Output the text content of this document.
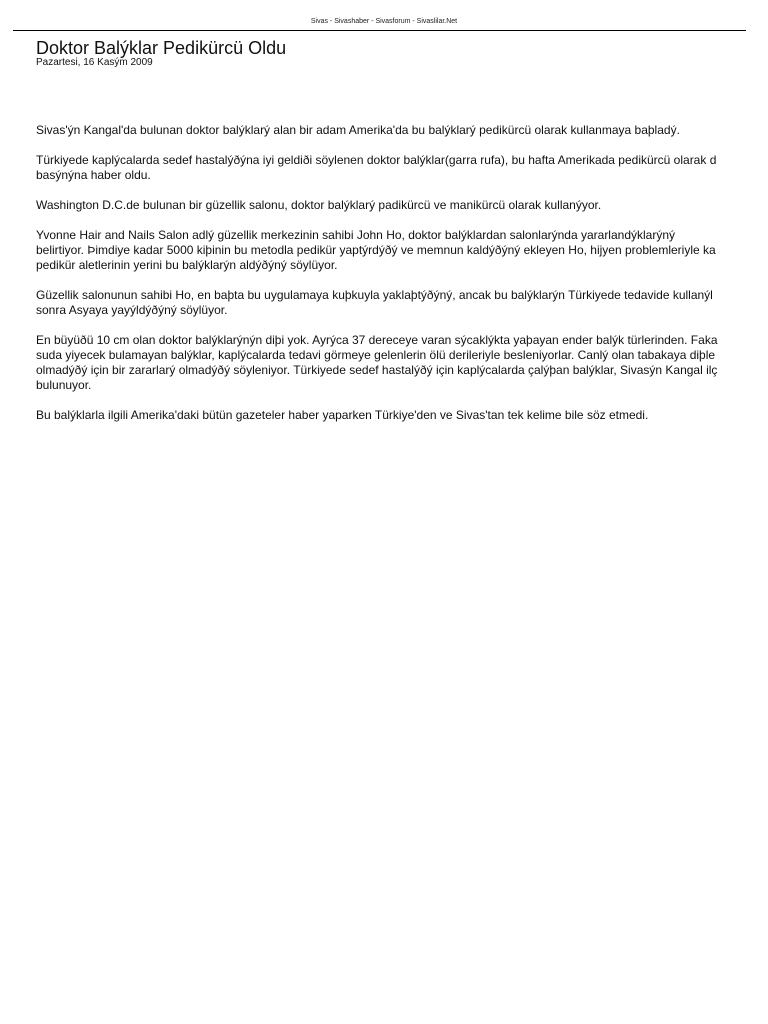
Sivas - Sivashaber - Sivasforum - Sivaslilar.Net
Doktor Balýklar Pedikürcü Oldu
Pazartesi, 16 Kasým 2009

Sivas'ýn Kangal'da bulunan doktor balýklarý alan bir adam Amerika'da bu balýklarý pedikürcü olarak kullanmaya baþladý.

Türkiyede kaplýcalarda sedef hastalýðýna iyi geldiði söylenen doktor balýklar(garra rufa), bu hafta Amerikada pedikürcü olarak d
basýnýna haber oldu.

Washington D.C.de bulunan bir güzellik salonu, doktor balýklarý padikürcü ve manikürcü olarak kullanýyor.

Yvonne Hair and Nails Salon adlý güzellik merkezinin sahibi John Ho, doktor balýklardan salonlarýnda yararlandýklarýný
belirtiyor. Þimdiye kadar 5000 kiþinin bu metodla pedikür yaptýrdýðý ve memnun kaldýðýný ekleyen Ho, hijyen problemleriyle ka
pedikür aletlerinin yerini bu balýklarýn aldýðýný söylüyor.

Güzellik salonunun sahibi Ho, en baþta bu uygulamaya kuþkuyla yaklaþtýðýný, ancak bu balýklarýn Türkiyede tedavide kullanýl
sonra Asyaya yayýldýðýný söylüyor.

En büyüðü 10 cm olan doktor balýklarýnýn diþi yok. Ayrýca 37 dereceye varan sýcaklýkta yaþayan ender balýk türlerinden. Faka
suda yiyecek bulamayan balýklar, kaplýcalarda tedavi görmeye gelenlerin ölü derileriyle besleniyorlar. Canlý olan tabakaya diþle
olmadýðý için bir zararlarý olmadýðý söyleniyor. Türkiyede sedef hastalýðý için kaplýcalarda çalýþan balýklar, Sivasýn Kangal ilç
bulunuyor.

Bu balýklarla ilgili Amerika'daki bütün gazeteler haber yaparken Türkiye'den ve Sivas'tan tek kelime bile söz etmedi.
